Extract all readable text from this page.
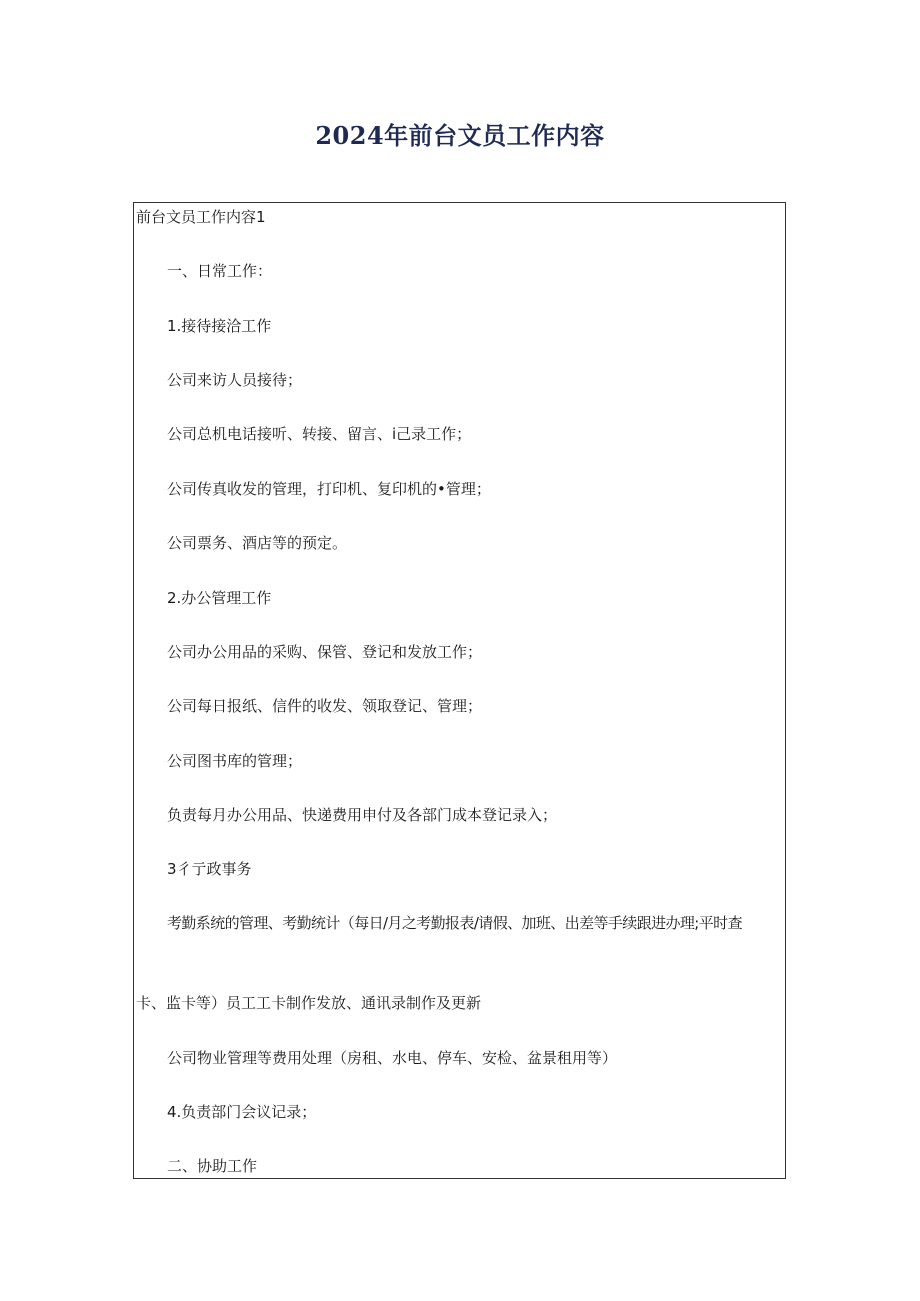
2024年前台文员工作内容
前台文员工作内容1
一、日常工作：
1.接待接洽工作
公司来访人员接待；
公司总机电话接听、转接、留言、i己录工作；
公司传真收发的管理，打印机、复印机的•管理；
公司票务、酒店等的预定。
2.办公管理工作
公司办公用品的采购、保管、登记和发放工作；
公司每日报纸、信件的收发、领取登记、管理；
公司图书库的管理；
负责每月办公用品、快递费用申付及各部门成本登记录入；
3彳亍政事务
考勤系统的管理、考勤统计（每日/月之考勤报表/请假、加班、出差等手续跟进办理;平时查
卡、监卡等）员工工卡制作发放、通讯录制作及更新
公司物业管理等费用处理（房租、水电、停车、安检、盆景租用等）
4.负责部门会议记录；
二、协助工作
